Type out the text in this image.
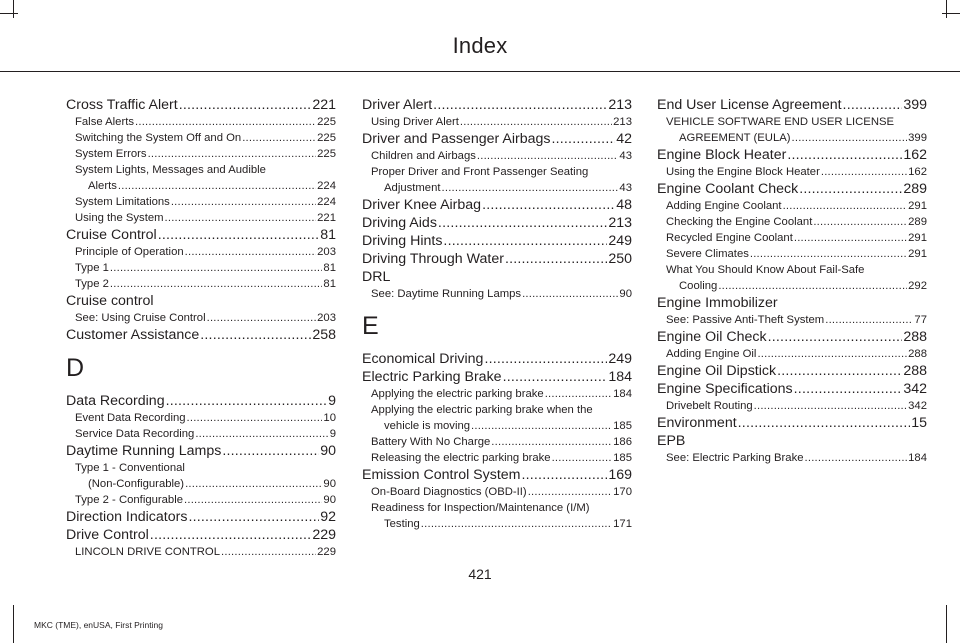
Index
Cross Traffic Alert .....	221
False Alerts .....	225
Switching the System Off and On .....	225
System Errors .....	225
System Lights, Messages and Audible
Alerts .....	224
System Limitations .....	224
Using the System .....	221
Cruise Control .....	81
Principle of Operation .....	203
Type 1 .....	81
Type 2 .....	81
Cruise control
See: Using Cruise Control .....	203
Customer Assistance .....	258
D
Data Recording .....	9
Event Data Recording .....	10
Service Data Recording .....	9
Daytime Running Lamps .....	90
Type 1 - Conventional
(Non-Configurable) .....	90
Type 2 - Configurable .....	90
Direction Indicators .....	92
Drive Control .....	229
LINCOLN DRIVE CONTROL .....	229
Driver Alert .....	213
Using Driver Alert .....	213
Driver and Passenger Airbags .....	42
Children and Airbags .....	43
Proper Driver and Front Passenger Seating
Adjustment .....	43
Driver Knee Airbag .....	48
Driving Aids .....	213
Driving Hints .....	249
Driving Through Water .....	250
DRL
See: Daytime Running Lamps .....	90
E
Economical Driving .....	249
Electric Parking Brake .....	184
Applying the electric parking brake .....	184
Applying the electric parking brake when the
vehicle is moving .....	185
Battery With No Charge .....	186
Releasing the electric parking brake .....	185
Emission Control System .....	169
On-Board Diagnostics (OBD-II) .....	170
Readiness for Inspection/Maintenance (I/M)
Testing .....	171
End User License Agreement .....	399
VEHICLE SOFTWARE END USER LICENSE
AGREEMENT (EULA) .....	399
Engine Block Heater .....	162
Using the Engine Block Heater .....	162
Engine Coolant Check .....	289
Adding Engine Coolant .....	291
Checking the Engine Coolant .....	289
Recycled Engine Coolant .....	291
Severe Climates .....	291
What You Should Know About Fail-Safe
Cooling .....	292
Engine Immobilizer
See: Passive Anti-Theft System .....	77
Engine Oil Check .....	288
Adding Engine Oil .....	288
Engine Oil Dipstick .....	288
Engine Specifications .....	342
Drivebelt Routing .....	342
Environment .....	15
EPB
See: Electric Parking Brake .....	184
421
MKC (TME), enUSA, First Printing
